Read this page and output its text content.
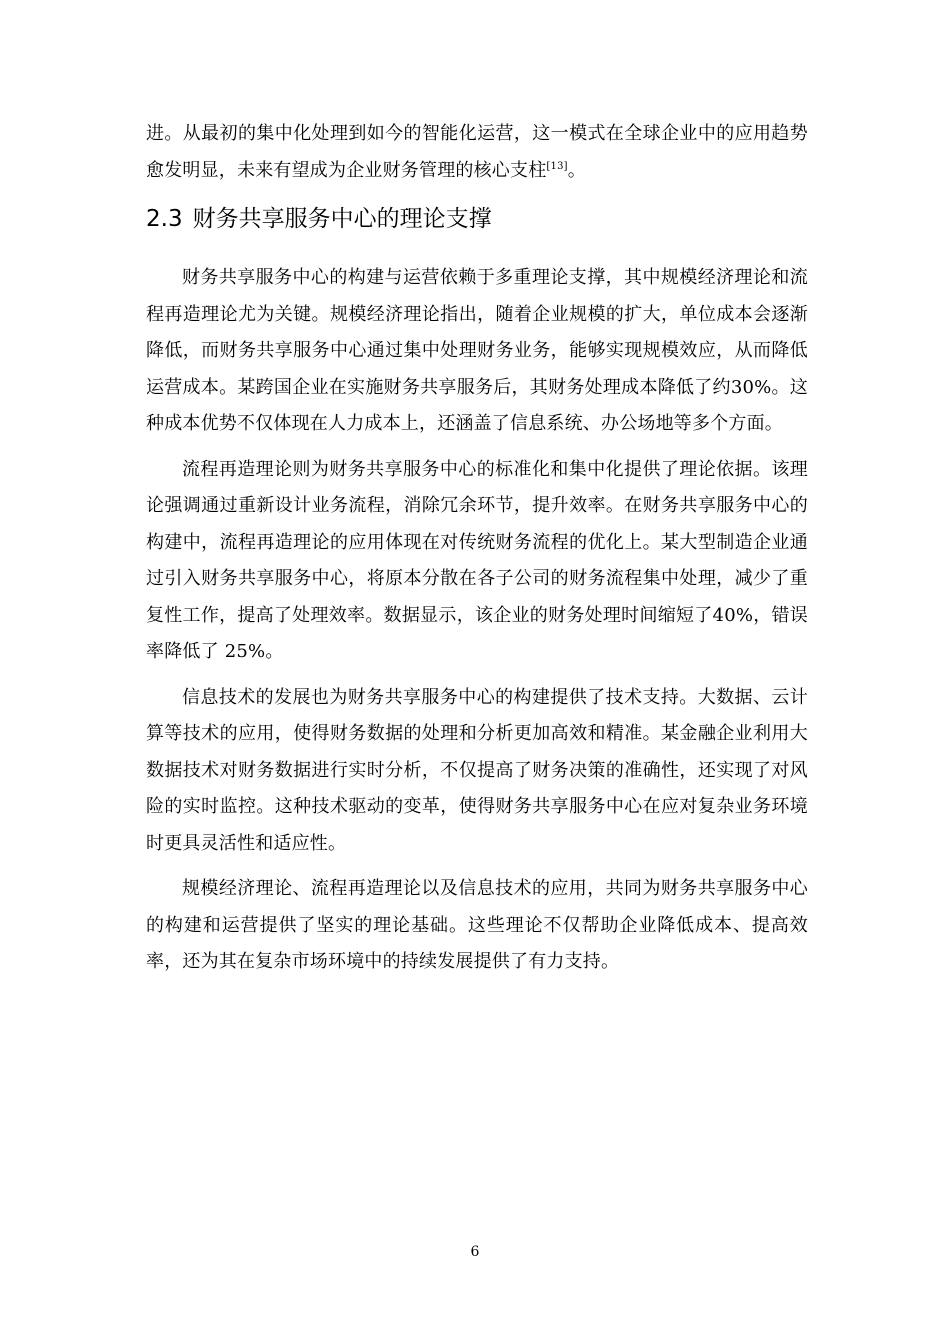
进。从最初的集中化处理到如今的智能化运营，这一模式在全球企业中的应用趋势愈发明显，未来有望成为企业财务管理的核心支柱[13]。
2.3 财务共享服务中心的理论支撑

财务共享服务中心的构建与运营依赖于多重理论支撑，其中规模经济理论和流程再造理论尤为关键。规模经济理论指出，随着企业规模的扩大，单位成本会逐渐降低，而财务共享服务中心通过集中处理财务业务，能够实现规模效应，从而降低运营成本。某跨国企业在实施财务共享服务后，其财务处理成本降低了约30%。这种成本优势不仅体现在人力成本上，还涵盖了信息系统、办公场地等多个方面。

流程再造理论则为财务共享服务中心的标准化和集中化提供了理论依据。该理论强调通过重新设计业务流程，消除冗余环节，提升效率。在财务共享服务中心的构建中，流程再造理论的应用体现在对传统财务流程的优化上。某大型制造企业通过引入财务共享服务中心，将原本分散在各子公司的财务流程集中处理，减少了重复性工作，提高了处理效率。数据显示，该企业的财务处理时间缩短了40%，错误率降低了 25%。

信息技术的发展也为财务共享服务中心的构建提供了技术支持。大数据、云计算等技术的应用，使得财务数据的处理和分析更加高效和精准。某金融企业利用大数据技术对财务数据进行实时分析，不仅提高了财务决策的准确性，还实现了对风险的实时监控。这种技术驱动的变革，使得财务共享服务中心在应对复杂业务环境时更具灵活性和适应性。

规模经济理论、流程再造理论以及信息技术的应用，共同为财务共享服务中心的构建和运营提供了坚实的理论基础。这些理论不仅帮助企业降低成本、提高效率，还为其在复杂市场环境中的持续发展提供了有力支持。

6
